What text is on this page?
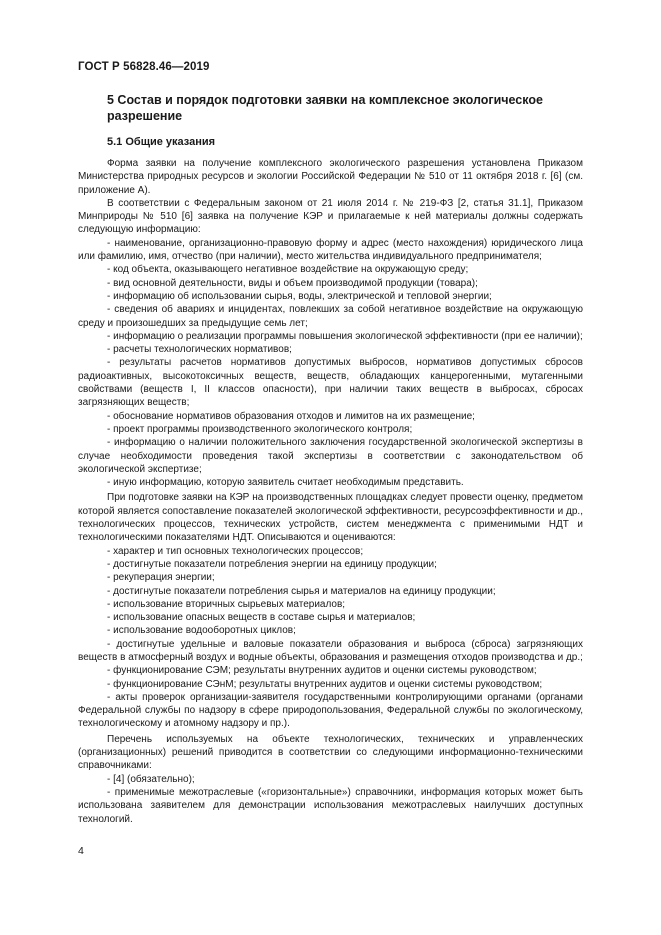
ГОСТ Р 56828.46—2019
5 Состав и порядок подготовки заявки на комплексное экологическое разрешение
5.1 Общие указания

Форма заявки на получение комплексного экологического разрешения установлена Приказом Министерства природных ресурсов и экологии Российской Федерации № 510 от 11 октября 2018 г. [6] (см. приложение А).

В соответствии с Федеральным законом от 21 июля 2014 г. № 219-ФЗ [2, статья 31.1], Приказом Минприроды № 510 [6] заявка на получение КЭР и прилагаемые к ней материалы должны содержать следующую информацию:

- наименование, организационно-правовую форму и адрес (место нахождения) юридического лица или фамилию, имя, отчество (при наличии), место жительства индивидуального предпринимателя;

- код объекта, оказывающего негативное воздействие на окружающую среду;

- вид основной деятельности, виды и объем производимой продукции (товара);

- информацию об использовании сырья, воды, электрической и тепловой энергии;

- сведения об авариях и инцидентах, повлекших за собой негативное воздействие на окружающую среду и произошедших за предыдущие семь лет;

- информацию о реализации программы повышения экологической эффективности (при ее наличии);

- расчеты технологических нормативов;

- результаты расчетов нормативов допустимых выбросов, нормативов допустимых сбросов радиоактивных, высокотоксичных веществ, веществ, обладающих канцерогенными, мутагенными свойствами (веществ I, II классов опасности), при наличии таких веществ в выбросах, сбросах загрязняющих веществ;

- обоснование нормативов образования отходов и лимитов на их размещение;

- проект программы производственного экологического контроля;

- информацию о наличии положительного заключения государственной экологической экспертизы в случае необходимости проведения такой экспертизы в соответствии с законодательством об экологической экспертизе;

- иную информацию, которую заявитель считает необходимым представить.

При подготовке заявки на КЭР на производственных площадках следует провести оценку, предметом которой является сопоставление показателей экологической эффективности, ресурсоэффективности и др., технологических процессов, технических устройств, систем менеджмента с применимыми НДТ и технологическими показателями НДТ. Описываются и оцениваются:

- характер и тип основных технологических процессов;

- достигнутые показатели потребления энергии на единицу продукции;

- рекуперация энергии;

- достигнутые показатели потребления сырья и материалов на единицу продукции;

- использование вторичных сырьевых материалов;

- использование опасных веществ в составе сырья и материалов;

- использование водооборотных циклов;

- достигнутые удельные и валовые показатели образования и выброса (сброса) загрязняющих веществ в атмосферный воздух и водные объекты, образования и размещения отходов производства и др.;

- функционирование СЭМ; результаты внутренних аудитов и оценки системы руководством;

- функционирование СЭнМ; результаты внутренних аудитов и оценки системы руководством;

- акты проверок организации-заявителя государственными контролирующими органами (органами Федеральной службы по надзору в сфере природопользования, Федеральной службы по экологическому, технологическому и атомному надзору и пр.).

Перечень используемых на объекте технологических, технических и управленческих (организационных) решений приводится в соответствии со следующими информационно-техническими справочниками:

- [4] (обязательно);

- применимые межотраслевые («горизонтальные») справочники, информация которых может быть использована заявителем для демонстрации использования межотраслевых наилучших доступных технологий.

4
